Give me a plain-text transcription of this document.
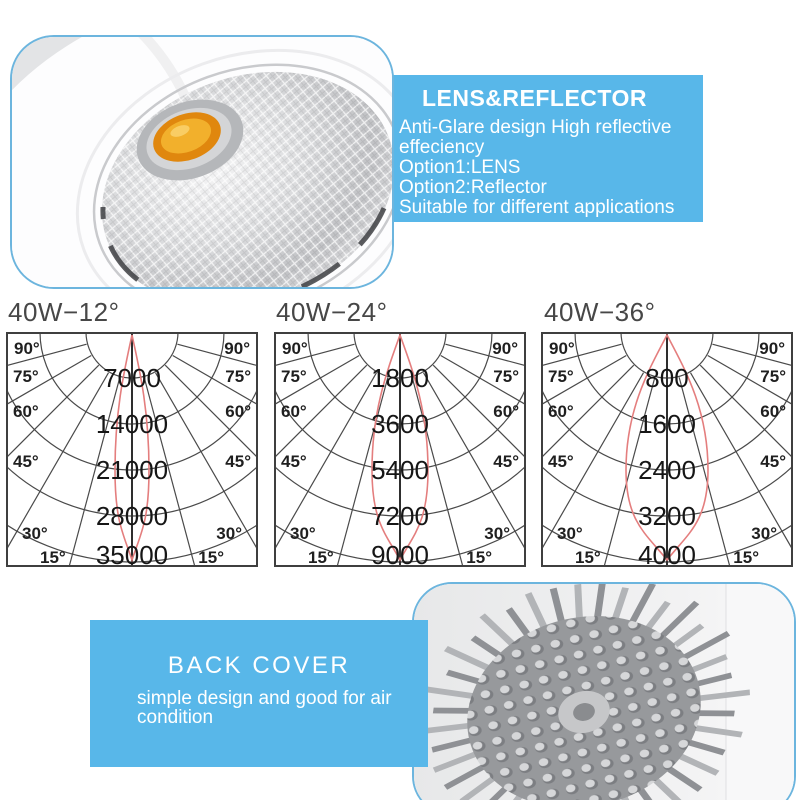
LENS&REFLECTOR
Anti-Glare design High reflective
effeciency
Option1:LENS
Option2:Reflector
Suitable for different applications
40W−12°	40W−24°	40W−36°
7000
14000
21000
28000
35000
90°	90°
75°	75°
60°	60°
45°	45°
30°	30°
15°	15°
1800
3600
5400
7200
9000
90°	90°
75°	75°
60°	60°
45°	45°
30°	30°
15°	15°
800
1600
2400
3200
4000
90°	90°
75°	75°
60°	60°
45°	45°
30°	30°
15°	15°
BACK COVER
simple design and good for air
condition
